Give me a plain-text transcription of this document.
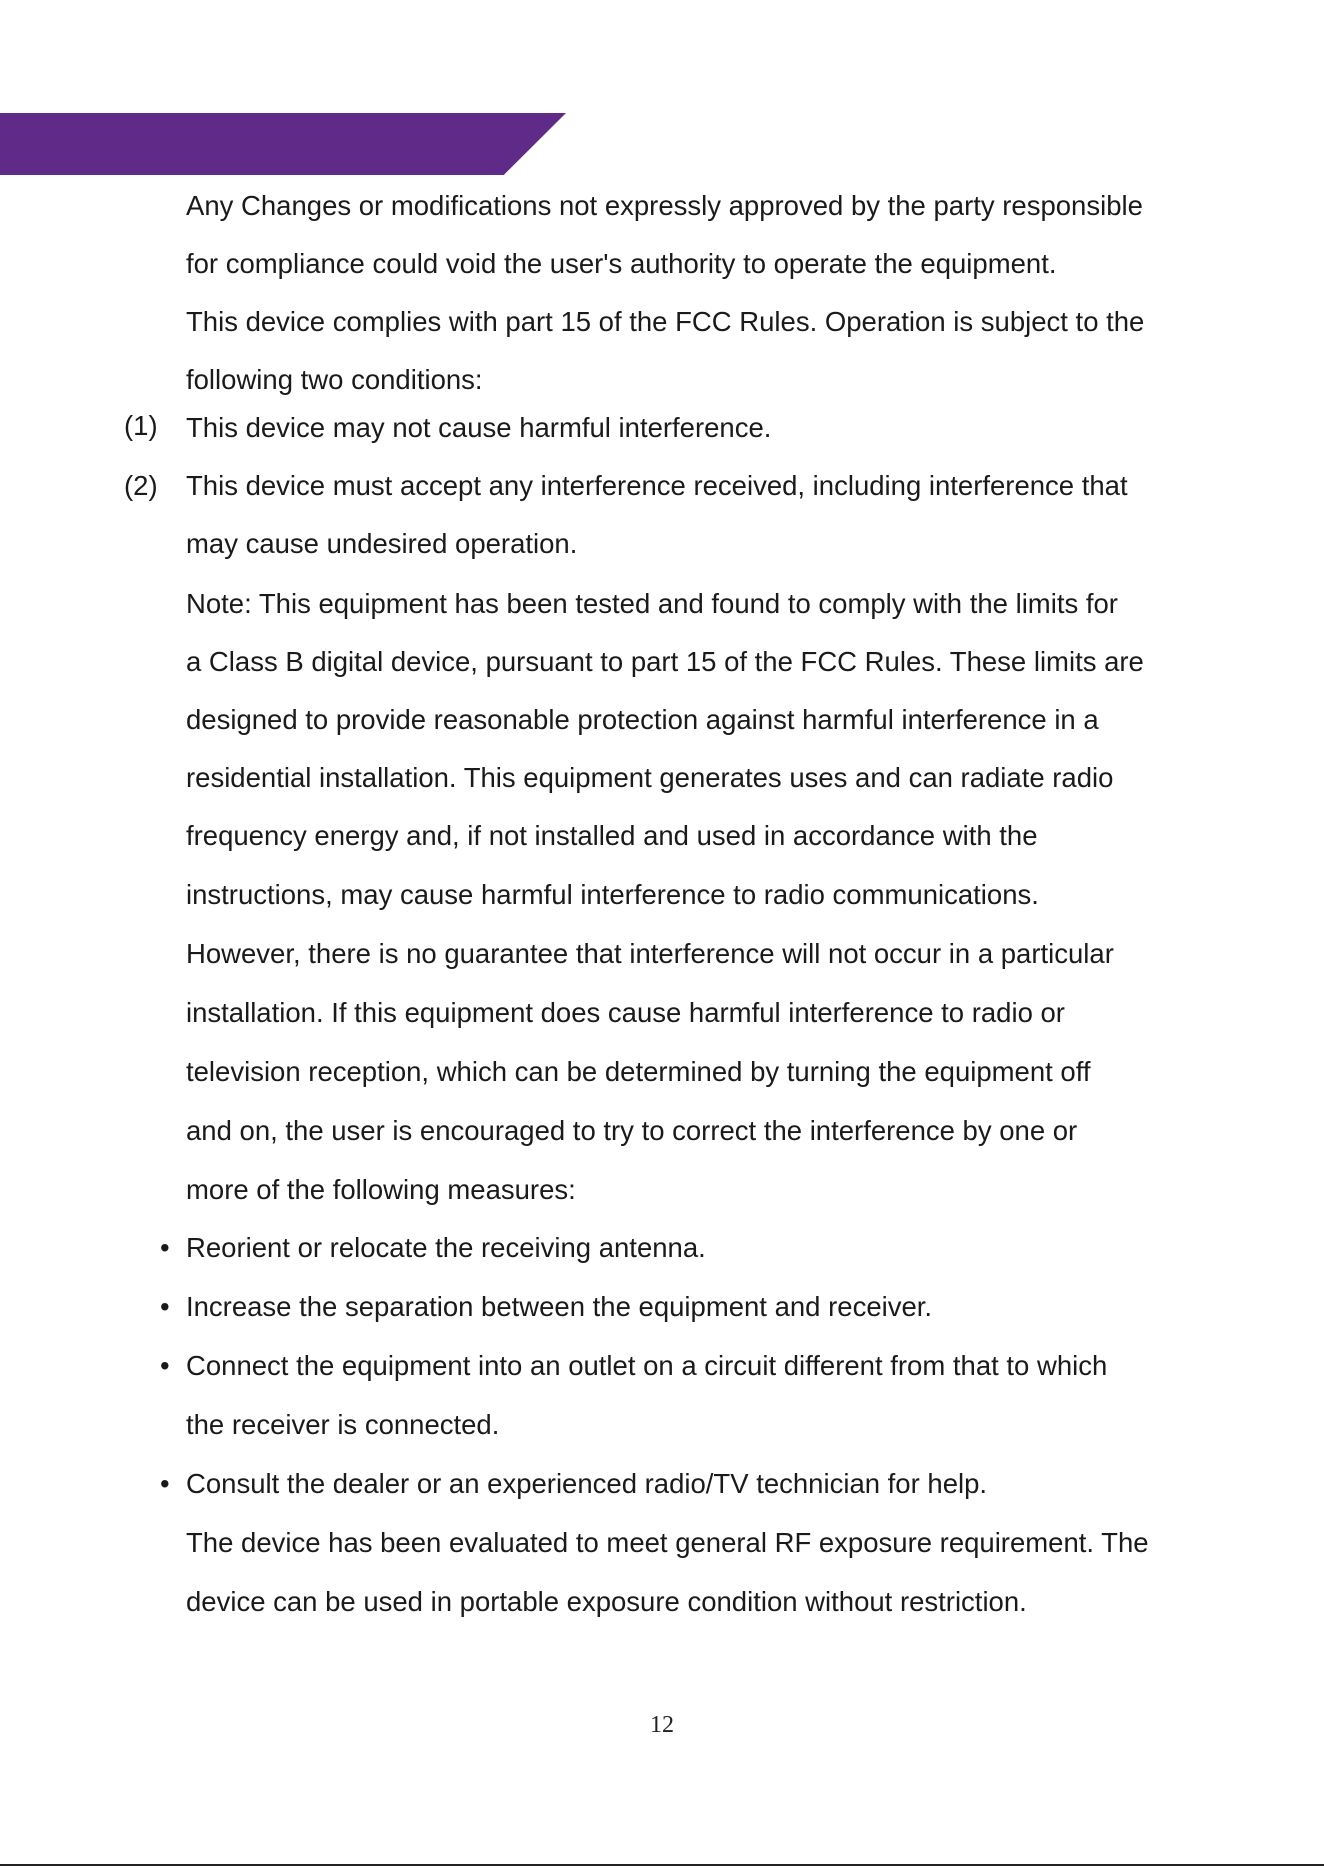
Any Changes or modifications not expressly approved by the party responsible
for compliance could void the user's authority to operate the equipment.
This device complies with part 15 of the FCC Rules. Operation is subject to the
following two conditions:
(1) This device may not cause harmful interference.
(2) This device must accept any interference received, including interference that
may cause undesired operation.
Note: This equipment has been tested and found to comply with the limits for
a Class B digital device, pursuant to part 15 of the FCC Rules. These limits are
designed to provide reasonable protection against harmful interference in a
residential installation. This equipment generates uses and can radiate radio
frequency energy and, if not installed and used in accordance with the
instructions, may cause harmful interference to radio communications.
However, there is no guarantee that interference will not occur in a particular
installation. If this equipment does cause harmful interference to radio or
television reception, which can be determined by turning the equipment off
and on, the user is encouraged to try to correct the interference by one or
more of the following measures:
• Reorient or relocate the receiving antenna.
• Increase the separation between the equipment and receiver.
• Connect the equipment into an outlet on a circuit different from that to which
the receiver is connected.
• Consult the dealer or an experienced radio/TV technician for help.
The device has been evaluated to meet general RF exposure requirement. The
device can be used in portable exposure condition without restriction.
12
